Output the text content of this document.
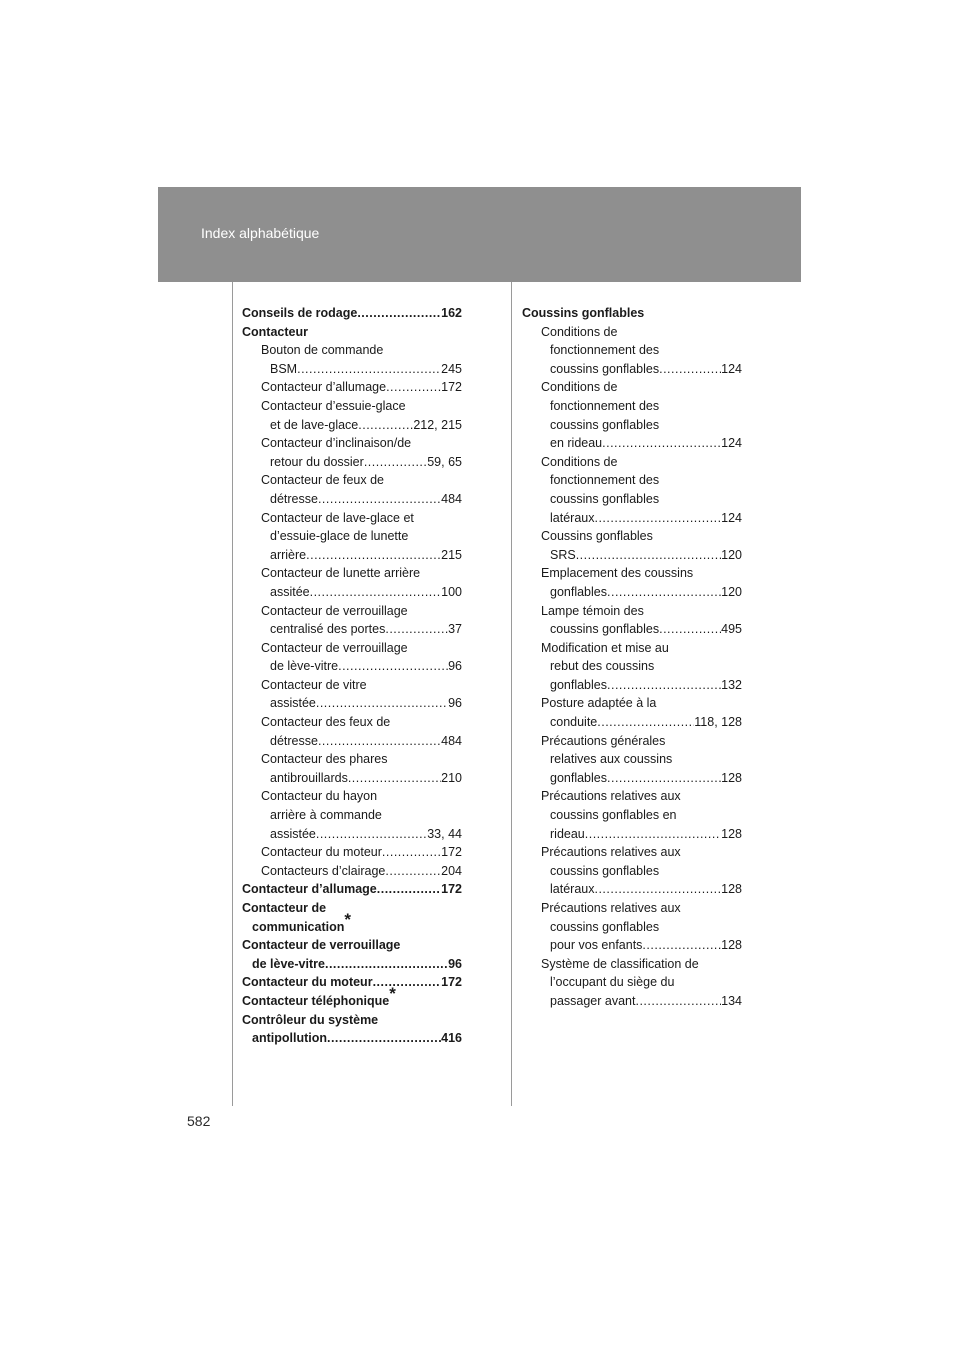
Index alphabétique
Conseils de rodage .....	162
Contacteur
Bouton de commande
BSM .....	245
Contacteur d’allumage .....	172
Contacteur d’essuie-glace
et de lave-glace .....	212, 215
Contacteur d’inclinaison/de
retour du dossier .....	59, 65
Contacteur de feux de
détresse .....	484
Contacteur de lave-glace et
d’essuie-glace de lunette
arrière .....	215
Contacteur de lunette arrière
assitée .....	100
Contacteur de verrouillage
centralisé des portes .....	37
Contacteur de verrouillage
de lève-vitre .....	96
Contacteur de vitre
assistée .....	96
Contacteur des feux de
détresse .....	484
Contacteur des phares
antibrouillards .....	210
Contacteur du hayon
arrière à commande
assistée .....	33, 44
Contacteur du moteur .....	172
Contacteurs d’clairage .....	204
Contacteur d’allumage .....	172
Contacteur de
communication*
Contacteur de verrouillage
de lève-vitre .....	96
Contacteur du moteur .....	172
Contacteur téléphonique*
Contrôleur du système
antipollution .....	416
Coussins gonflables
Conditions de
fonctionnement des
coussins gonflables .....	124
Conditions de
fonctionnement des
coussins gonflables
en rideau .....	124
Conditions de
fonctionnement des
coussins gonflables
latéraux .....	124
Coussins gonflables
SRS .....	120
Emplacement des coussins
gonflables .....	120
Lampe témoin des
coussins gonflables .....	495
Modification et mise au
rebut des coussins
gonflables .....	132
Posture adaptée à la
conduite .....	118, 128
Précautions générales
relatives aux coussins
gonflables .....	128
Précautions relatives aux
coussins gonflables en
rideau .....	128
Précautions relatives aux
coussins gonflables
latéraux .....	128
Précautions relatives aux
coussins gonflables
pour vos enfants .....	128
Système de classification de
l’occupant du siège du
passager avant .....	134
582
